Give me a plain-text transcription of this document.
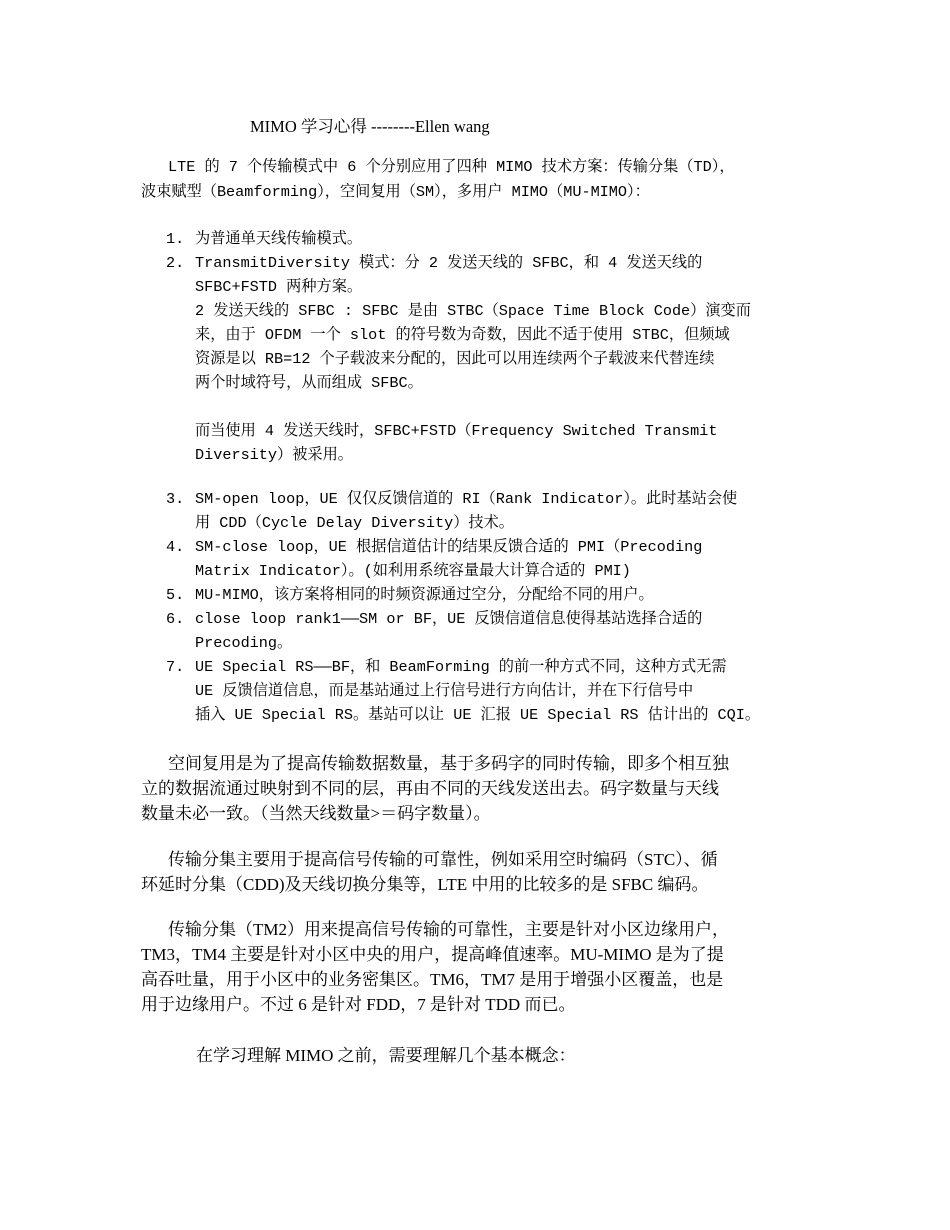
MIMO 学习心得 --------Ellen wang
LTE 的 7 个传输模式中 6 个分别应用了四种 MIMO 技术方案：传输分集（TD），
波束赋型（Beamforming），空间复用（SM），多用户 MIMO（MU-MIMO）：
1. 为普通单天线传输模式。
2. TransmitDiversity 模式：分 2 发送天线的 SFBC，和 4 发送天线的
SFBC+FSTD 两种方案。
2 发送天线的 SFBC : SFBC 是由 STBC（Space Time Block Code）演变而
来，由于 OFDM 一个 slot 的符号数为奇数，因此不适于使用 STBC，但频域
资源是以 RB=12 个子载波来分配的，因此可以用连续两个子载波来代替连续
两个时域符号，从而组成 SFBC。
而当使用 4 发送天线时，SFBC+FSTD（Frequency Switched Transmit
Diversity）被采用。
3. SM-open loop，UE 仅仅反馈信道的 RI（Rank Indicator）。此时基站会使
用 CDD（Cycle Delay Diversity）技术。
4. SM-close loop，UE 根据信道估计的结果反馈合适的 PMI（Precoding
Matrix Indicator）。(如利用系统容量最大计算合适的 PMI)
5. MU-MIMO，该方案将相同的时频资源通过空分，分配给不同的用户。
6. close loop rank1——SM or BF，UE 反馈信道信息使得基站选择合适的
Precoding。
7. UE Special RS——BF，和 BeamForming 的前一种方式不同，这种方式无需
UE 反馈信道信息，而是基站通过上行信号进行方向估计，并在下行信号中
插入 UE Special RS。基站可以让 UE 汇报 UE Special RS 估计出的 CQI。
空间复用是为了提高传输数据数量，基于多码字的同时传输，即多个相互独
立的数据流通过映射到不同的层，再由不同的天线发送出去。码字数量与天线
数量未必一致。（当然天线数量>＝码字数量）。
传输分集主要用于提高信号传输的可靠性，例如采用空时编码（STC）、循
环延时分集（CDD)及天线切换分集等，LTE 中用的比较多的是 SFBC 编码。
传输分集（TM2）用来提高信号传输的可靠性，主要是针对小区边缘用户，
TM3，TM4 主要是针对小区中央的用户，提高峰值速率。MU-MIMO 是为了提
高吞吐量，用于小区中的业务密集区。TM6，TM7 是用于增强小区覆盖，也是
用于边缘用户。不过 6 是针对 FDD，7 是针对 TDD 而已。
在学习理解 MIMO 之前，需要理解几个基本概念：
